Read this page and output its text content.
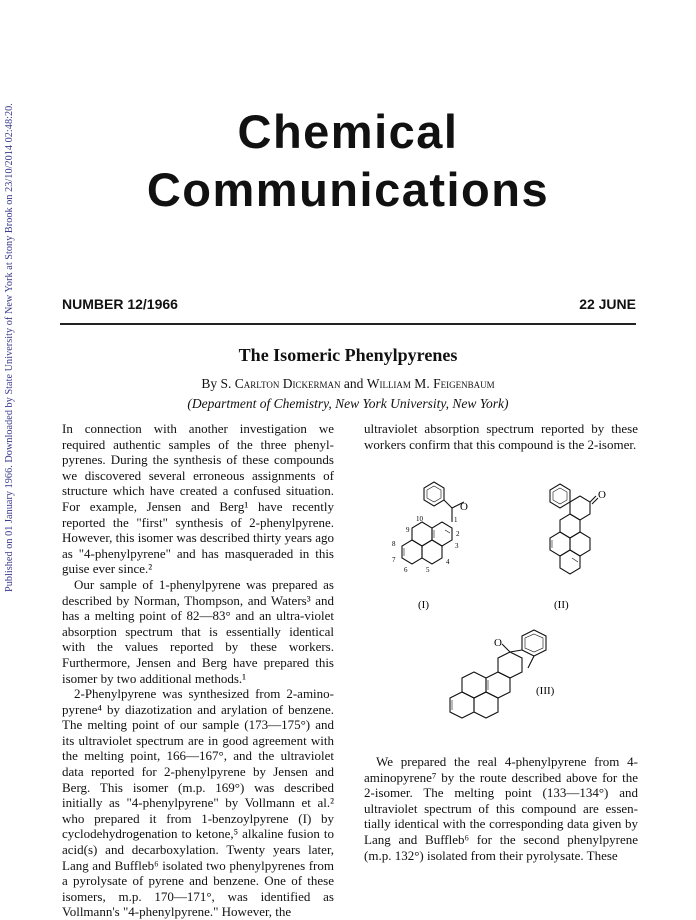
Published on 01 January 1966. Downloaded by State University of New York at Stony Brook on 23/10/2014 02:48:20.	Chemical
Communications
NUMBER 12/1966	22 JUNE
The Isomeric Phenylpyrenes
By S. Carlton Dickerman and William M. Feigenbaum
(Department of Chemistry, New York University, New York)

In connection with another investigation we required authentic samples of the three phenyl-pyrenes. During the synthesis of these compounds we discovered several erroneous assignments of structure which have created a confused situation. For example, Jensen and Berg¹ have recently reported the "first" synthesis of 2-phenylpyrene. However, this isomer was described thirty years ago as "4-phenylpyrene" and has masqueraded in this guise ever since.²

Our sample of 1-phenylpyrene was prepared as described by Norman, Thompson, and Waters³ and has a melting point of 82—83° and an ultra-violet absorption spectrum that is essentially identical with the values reported by these workers. Furthermore, Jensen and Berg have prepared this isomer by two additional methods.¹

2-Phenylpyrene was synthesized from 2-amino-pyrene⁴ by diazotization and arylation of benzene. The melting point of our sample (173—175°) and its ultraviolet spectrum are in good agreement with the melting point, 166—167°, and the ultraviolet data reported for 2-phenylpyrene by Jensen and Berg. This isomer (m.p. 169°) was described initially as "4-phenylpyrene" by Vollmann et al.² who prepared it from 1-benzoylpyrene (I) by cyclodehydrogenation to ketone,⁵ alkaline fusion to acid(s) and decarboxylation. Twenty years later, Lang and Buffleb⁶ isolated two phenylpyrenes from a pyrolysate of pyrene and benzene. One of these isomers, m.p. 170—171°, was identified as Vollmann's "4-phenylpyrene." However, the

ultraviolet absorption spectrum reported by these workers confirm that this compound is the 2-isomer.

O
10	1
2
3
4
5
6
7
8
9
(I)
O
(II)
O
(III)

We prepared the real 4-phenylpyrene from 4-aminopyrene⁷ by the route described above for the 2-isomer. The melting point (133—134°) and ultraviolet spectrum of this compound are essen-tially identical with the corresponding data given by Lang and Buffleb⁶ for the second phenylpyrene (m.p. 132°) isolated from their pyrolysate. These
